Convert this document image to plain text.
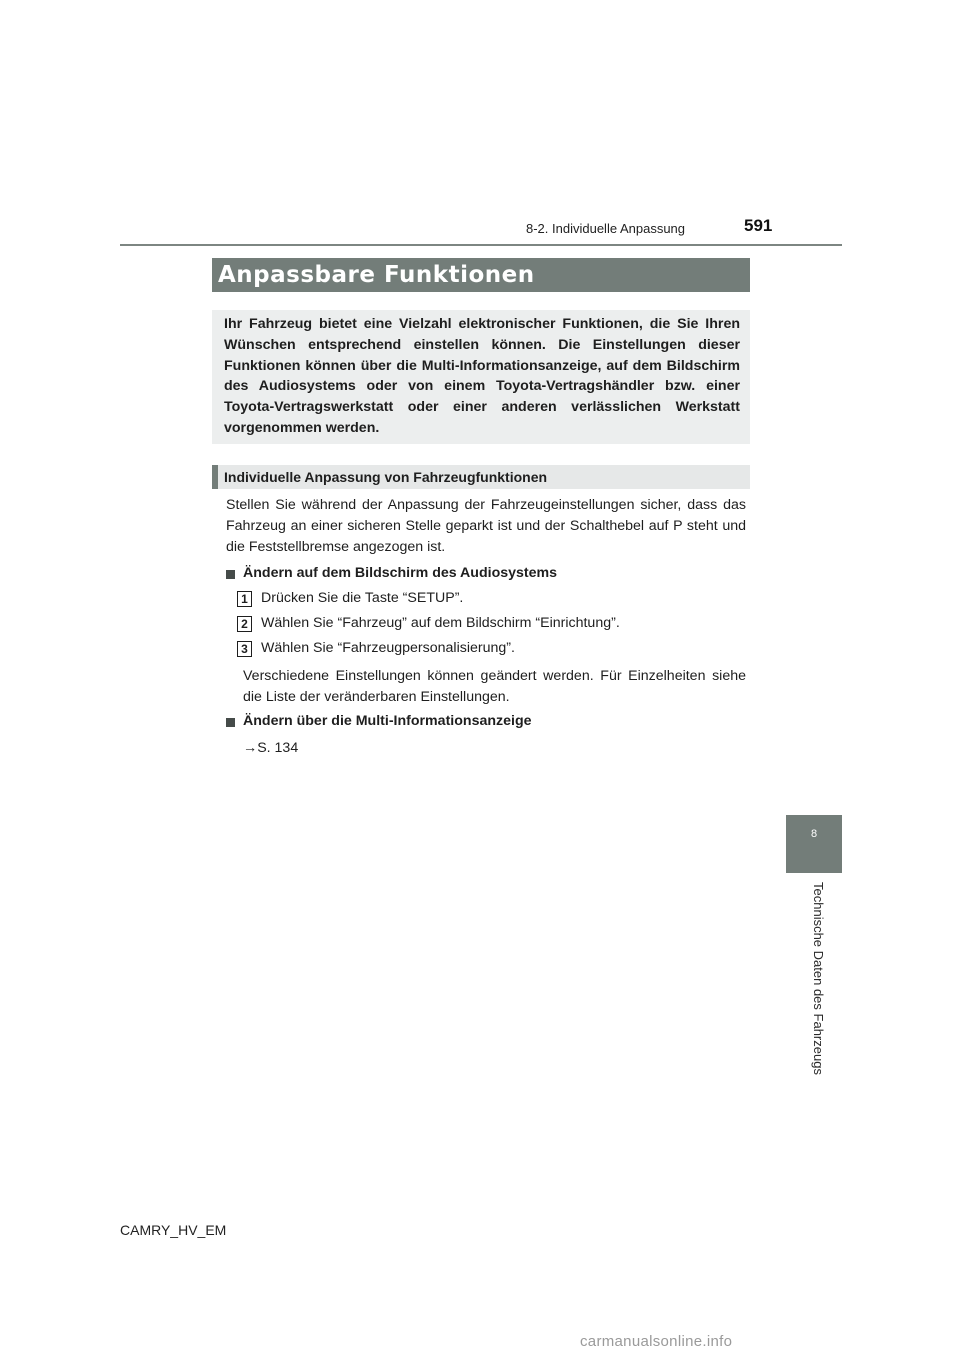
8-2. Individuelle Anpassung	591
8
Technische Daten des Fahrzeugs
Anpassbare Funktionen
Ihr Fahrzeug bietet eine Vielzahl elektronischer Funktionen, die Sie Ihren Wünschen entsprechend einstellen können. Die Einstellungen dieser Funktionen können über die Multi-Informationsanzeige, auf dem Bildschirm des Audiosystems oder von einem Toyota-Vertragshändler bzw. einer Toyota-Vertragswerkstatt oder einer anderen verlässlichen Werkstatt vorgenommen werden.
Individuelle Anpassung von Fahrzeugfunktionen
Stellen Sie während der Anpassung der Fahrzeugeinstellungen sicher, dass das Fahrzeug an einer sicheren Stelle geparkt ist und der Schalthebel auf P steht und die Feststellbremse angezogen ist.
Ändern auf dem Bildschirm des Audiosystems
1 Drücken Sie die Taste “SETUP”.
2 Wählen Sie “Fahrzeug” auf dem Bildschirm “Einrichtung”.
3 Wählen Sie “Fahrzeugpersonalisierung”.
Verschiedene Einstellungen können geändert werden. Für Einzelheiten siehe die Liste der veränderbaren Einstellungen.
Ändern über die Multi-Informationsanzeige
→S. 134
CAMRY_HV_EM
carmanualsonline.info
